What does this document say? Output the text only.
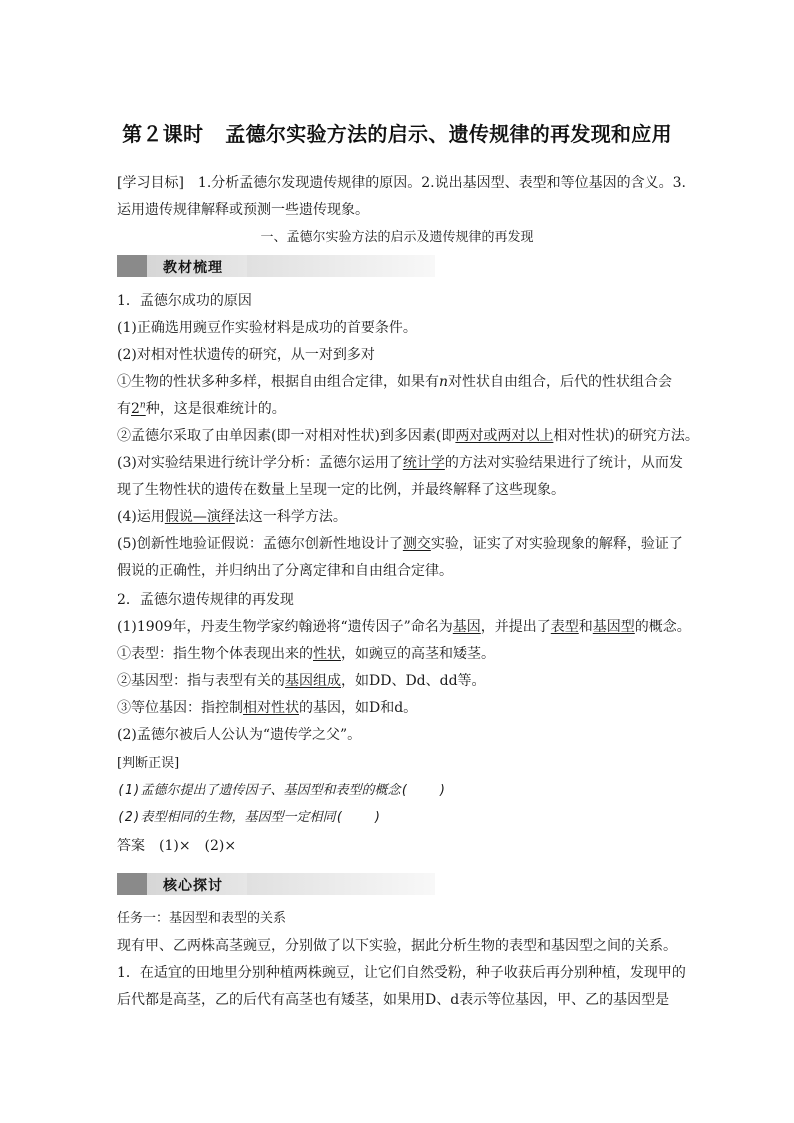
第２课时 孟德尔实验方法的启示、遗传规律的再发现和应用
[学习目标]　1.分析孟德尔发现遗传规律的原因。2.说出基因型、表型和等位基因的含义。3.
运用遗传规律解释或预测一些遗传现象。
一、孟德尔实验方法的启示及遗传规律的再发现
教材梳理
1．孟德尔成功的原因
(1)正确选用豌豆作实验材料是成功的首要条件。
(2)对相对性状遗传的研究，从一对到多对
①生物的性状多种多样，根据自由组合定律，如果有n对性状自由组合，后代的性状组合会
有2$^n$种，这是很难统计的。
②孟德尔采取了由单因素(即一对相对性状)到多因素(即两对或两对以上相对性状)的研究方法。
(3)对实验结果进行统计学分析：孟德尔运用了统计学的方法对实验结果进行了统计，从而发
现了生物性状的遗传在数量上呈现一定的比例，并最终解释了这些现象。
(4)运用假说—演绎法这一科学方法。
(5)创新性地验证假说：孟德尔创新性地设计了测交实验，证实了对实验现象的解释，验证了
假说的正确性，并归纳出了分离定律和自由组合定律。
2．孟德尔遗传规律的再发现
(1)1909年，丹麦生物学家约翰逊将“遗传因子”命名为基因，并提出了表型和基因型的概念。
①表型：指生物个体表现出来的性状，如豌豆的高茎和矮茎。
②基因型：指与表型有关的基因组成，如DD、Dd、dd等。
③等位基因：指控制相对性状的基因，如D和d。
(2)孟德尔被后人公认为“遗传学之父”。
[判断正误]
(1)孟德尔提出了遗传因子、基因型和表型的概念( )
(2)表型相同的生物，基因型一定相同( )
答案　(1)×　(2)×
核心探讨
任务一：基因型和表型的关系
现有甲、乙两株高茎豌豆，分别做了以下实验，据此分析生物的表型和基因型之间的关系。
1．在适宜的田地里分别种植两株豌豆，让它们自然受粉，种子收获后再分别种植，发现甲的
后代都是高茎，乙的后代有高茎也有矮茎，如果用D、d表示等位基因，甲、乙的基因型是
